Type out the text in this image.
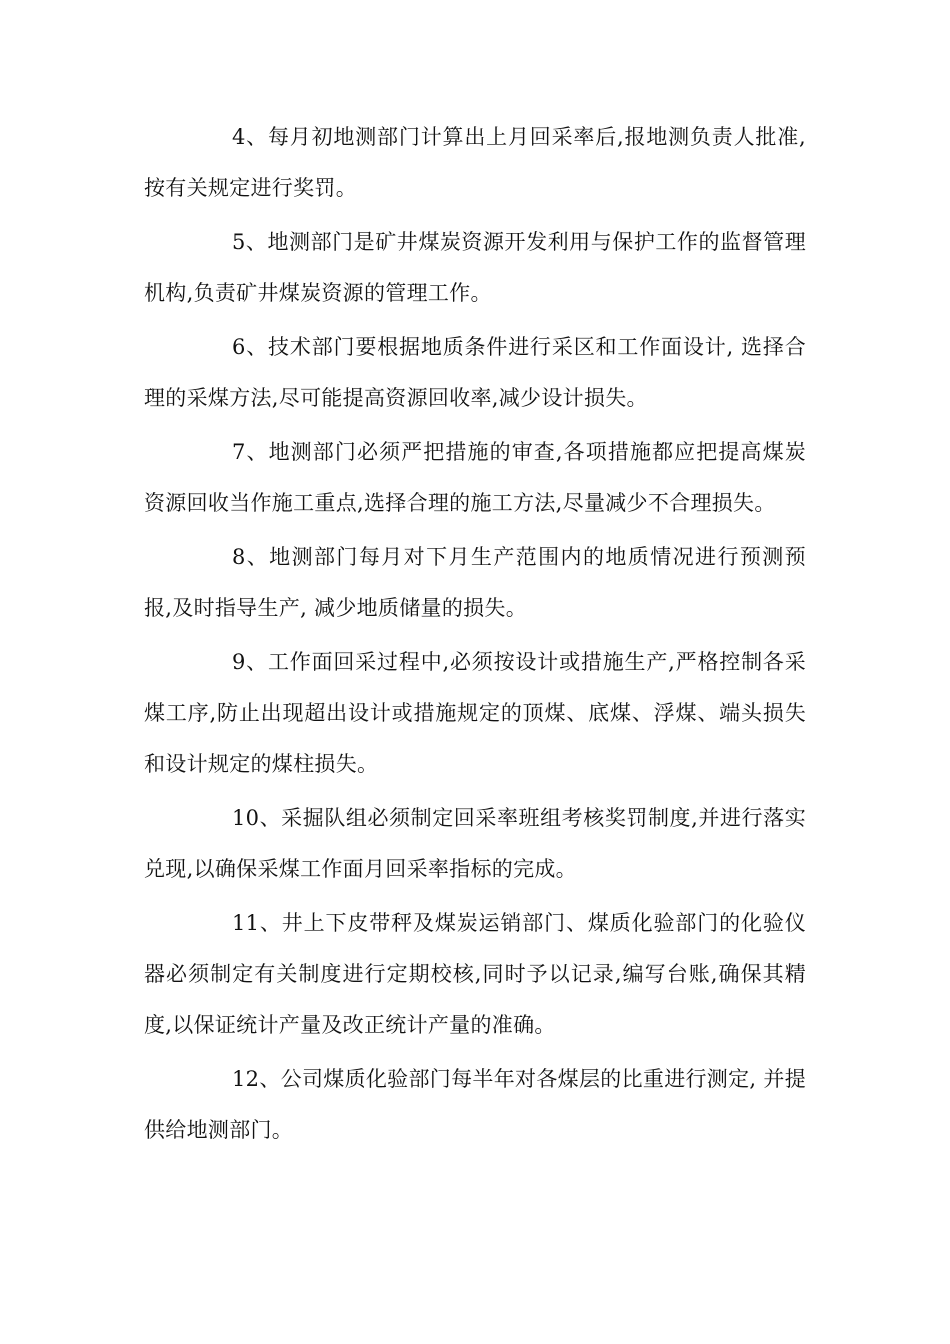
4、每月初地测部门计算出上月回采率后,报地测负责人批准,按有关规定进行奖罚。

5、地测部门是矿井煤炭资源开发利用与保护工作的监督管理机构,负责矿井煤炭资源的管理工作。

6、技术部门要根据地质条件进行采区和工作面设计, 选择合理的采煤方法,尽可能提高资源回收率,减少设计损失。

7、地测部门必须严把措施的审查,各项措施都应把提高煤炭资源回收当作施工重点,选择合理的施工方法,尽量减少不合理损失。

8、地测部门每月对下月生产范围内的地质情况进行预测预报,及时指导生产, 减少地质储量的损失。

9、工作面回采过程中,必须按设计或措施生产,严格控制各采煤工序,防止出现超出设计或措施规定的顶煤、底煤、浮煤、端头损失和设计规定的煤柱损失。

10、采掘队组必须制定回采率班组考核奖罚制度,并进行落实兑现,以确保采煤工作面月回采率指标的完成。

11、井上下皮带秤及煤炭运销部门、煤质化验部门的化验仪器必须制定有关制度进行定期校核,同时予以记录,编写台账,确保其精度,以保证统计产量及改正统计产量的准确。

12、公司煤质化验部门每半年对各煤层的比重进行测定, 并提供给地测部门。
